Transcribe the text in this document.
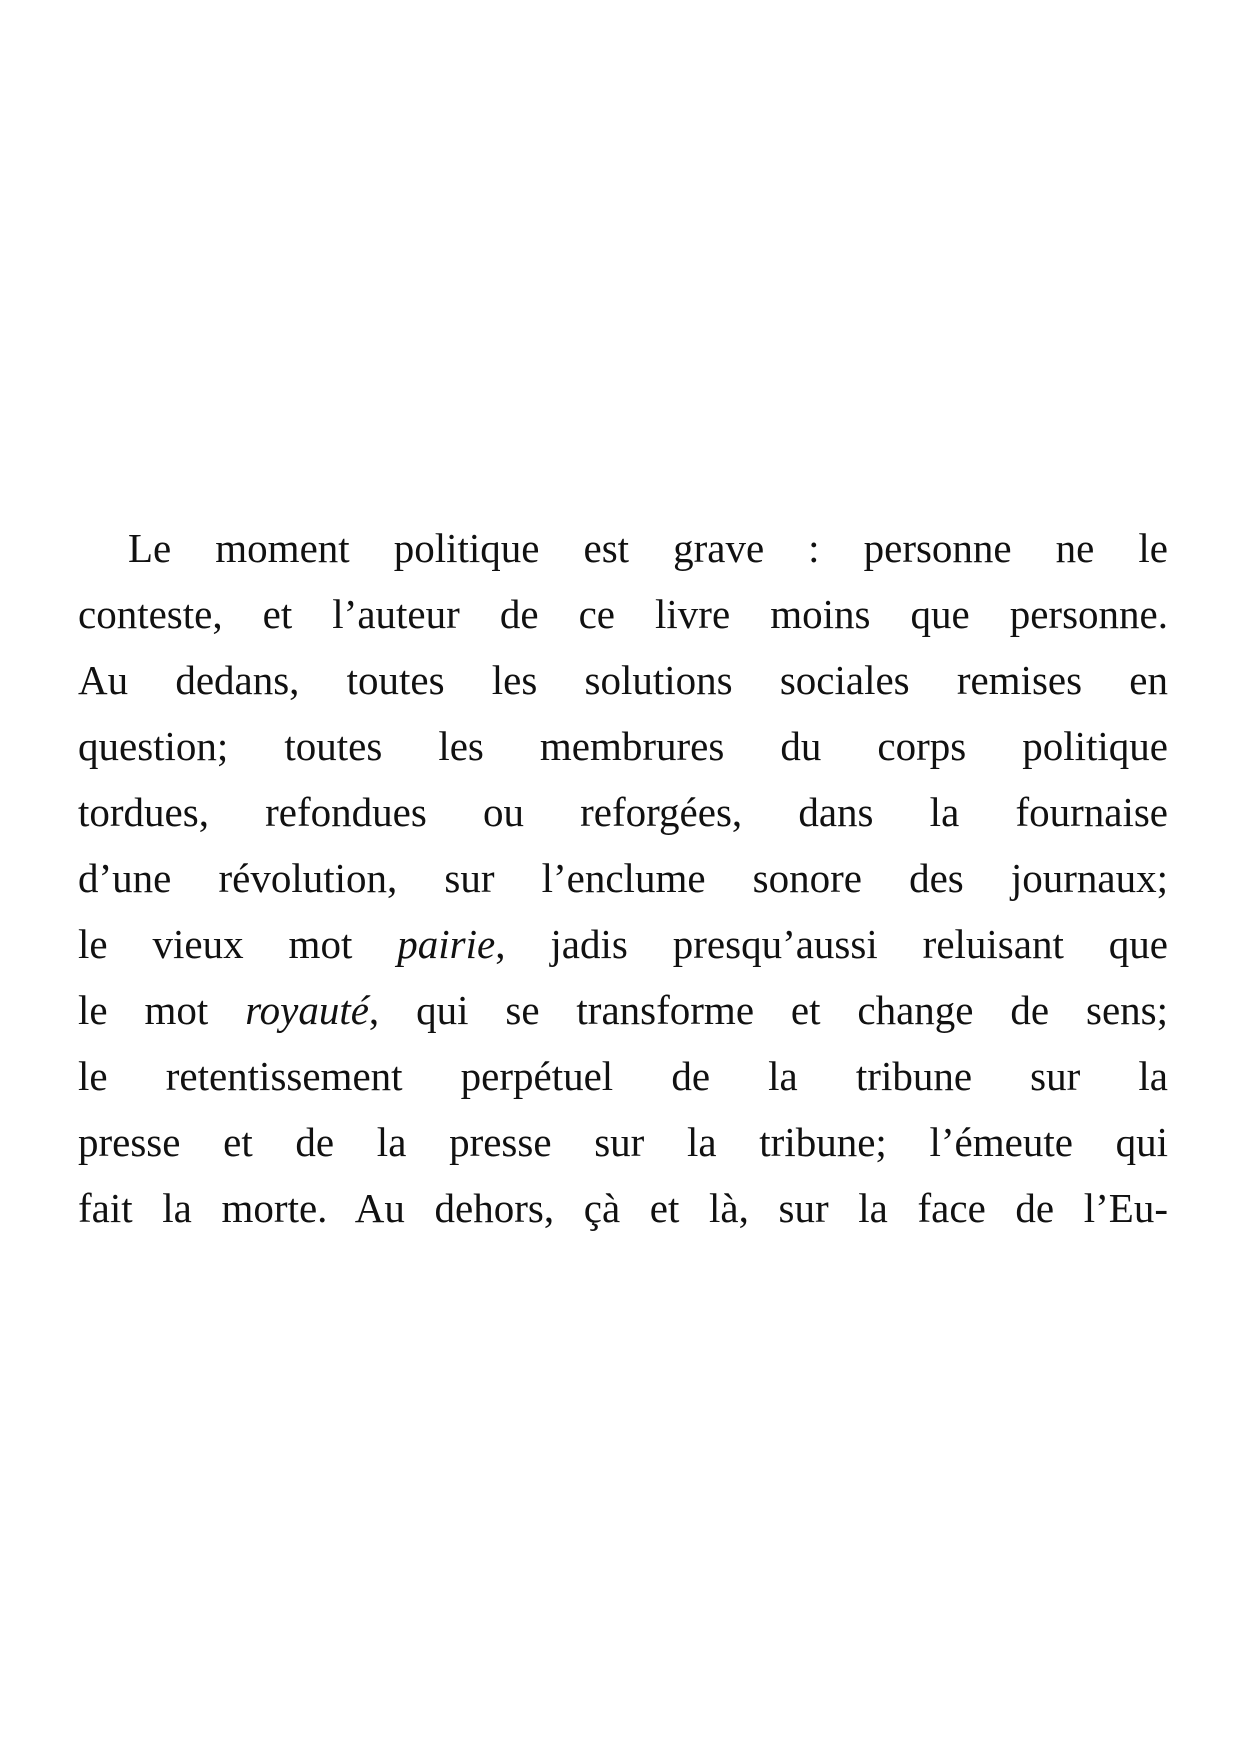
Le moment politique est grave : personne ne le
conteste, et l’auteur de ce livre moins que personne.
Au dedans, toutes les solutions sociales remises en
question; toutes les membrures du corps politique
tordues, refondues ou reforgées, dans la fournaise
d’une révolution, sur l’enclume sonore des journaux;
le vieux mot pairie, jadis presqu’aussi reluisant que
le mot royauté, qui se transforme et change de sens;
le retentissement perpétuel de la tribune sur la
presse et de la presse sur la tribune; l’émeute qui
fait la morte. Au dehors, çà et là, sur la face de l’Eu-
